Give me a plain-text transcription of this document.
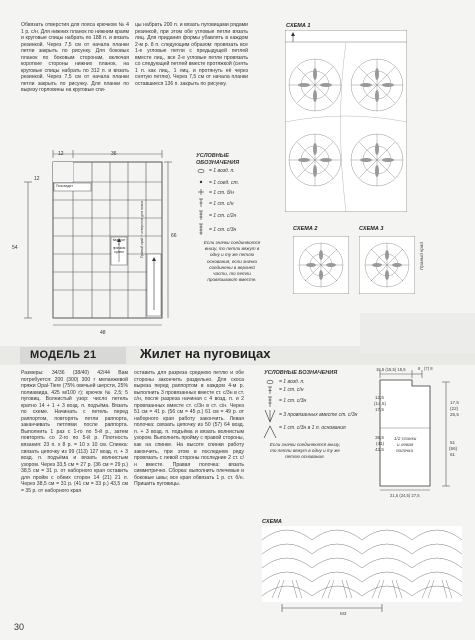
Обвязать отверстия для пояса крючком № 4 1 р. с/н. Для нижних планок по нижним краям и круговые спицы набрать по 188 п. и вязать резинкой. Через 7,5 см от начала планки петли закрыть по рисунку. Для боковых планок по боковым сторонам, включая короткие стороны нижних планок, на круговые спицы набрать по 312 п. и вязать резинкой. Через 7,5 см от начала планки петли закрыть по рисунку. Для планки по вырезу горловины на круговые спи-
цы набрать 200 п. и вязать пуговицами рядами резинкой, при этом обе угловые петли вязать лиц. Для придания формы убавлять в каждом 2-м р. 8 п. следующим образом: провязать все 1-е угловые петли с предыдущей петлей вместе лиц., все 2-е угловые петли провязать со следующей петлей вместе протяжкой (снять 1 п. как лиц., 1 лиц. и протянуть её через снятую петлю). Через 7,5 см от начала планки оставшиеся 136 п. закрыть по рисунку.
12	36
12
54
66
48
Поясвадят
Квадрат с прямым краем	Правый край + отверстие для пояса
УСЛОВНЫЕ
ОБОЗНАЧЕНИЯ
= 1 возд. п.
= 1 соед. ст.
= 1 ст. б/н
= 1 ст. с/н
= 1 ст. с/2н
= 1 ст. с/3н
Если значки соединяются внизу, то петли вяжут в одну и ту же петлю основания, если значки соединены в верхней части, то петли провязывают вместе.
СХЕМА 1
СХЕМА 2	СХЕМА 3
Правый край
МОДЕЛЬ 21	Жилет на пуговицах
Размеры: 34/36 (38/40) 42/44 Вам потребуется: 200 (300) 300 г меланжевой пряжи Opal-Tiere (75% овечьей шерсти, 25% полиамида, 425 м/100 г); крючок № 2,5; 5 пуговиц. Волнистый узор: число петель кратно 14 + 1 + 3 возд. п. подъёма. Вязать по схеме. Начинать с петель перед раппортом, повторять петли раппорта, заканчивать петлями после раппорта. Выполнить 1 раз с 1-го по 5-й р., затем повторять со 2-го по 5-й р. Плотность вязания: 23 п. х 8 р. = 10 х 10 см. Спинка: связать цепочку из 99 (113) 127 возд. п. + 3 возд. п. подъёма и вязать волнистым узором. Через 33,5 см = 27 р. (36 см = 29 р.) 38,5 см = 31 р. от наборного края оставить для пройм с обеих сторон 14 (21) 21 п. Через 38,5 см = 31 р. (41 см = 33 р.) 43,5 см = 35 р. от наборного края
оставить для разреза среднюю петлю и обе стороны закончить раздельно. Для скоса выреза перед раппортом в каждом 4-м р. выполнить 3 провязанных вместе ст. с/3н в ст. с/н, после разреза начиная с 4 возд. п. и 2 провязанных вместе ст. с/3н в ст. с/н. Через 51 см = 41 р. (56 см = 45 р.) 61 см = 49 р. от наборного края работу закончить. Левая полочка: связать цепочку из 50 (57) 64 возд. п. + 3 возд. п. подъёма и вязать волнистым узором. Выполнить пройму с правой стороны, как на спинке. На высоте спинки работу закончить, при этом в последнем ряду провязать с левой стороны последние 2 ст. с/н вместе. Правая полочка: вязать симметрично. Сборка: выполнить плечевые и боковые швы; все края обвязать 1 р. ст. б/н. Пришить пуговицы.
УСЛОВНЫЕ БОЗНАЧЕНИЯ
= 1 возд. п.
= 1 ст. с/н
= 1 ст. с/3н
= 3 провязанных вместе ст. с/3н
= 1 ст. с/3н в 1 п. основания
Если значки соединяются внизу, то петли вяжут в одну и ту же петлю основания.
15,5 (15,5) 15,5	6 (7) 8
12,5
(14,5)
17,5
38,5
(41)
43,5
17,5
(22)
25,5
51
(56)
61
1/2 спинки
и левая
полочка
21,5 (24,5) 27,5
СХЕМА
М3
30
